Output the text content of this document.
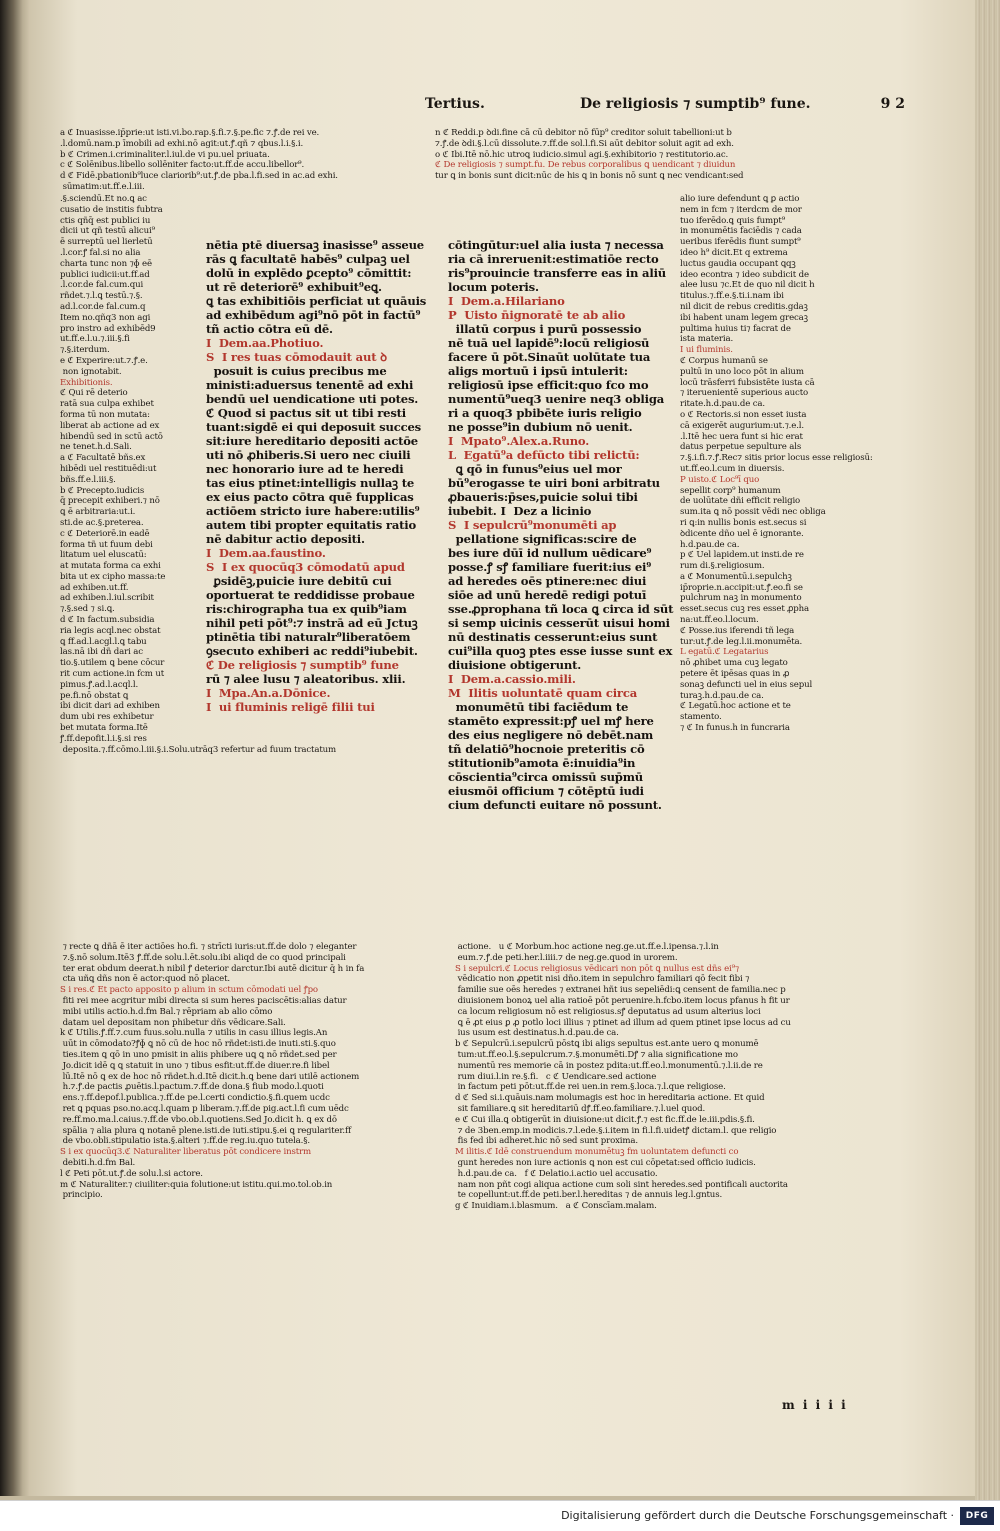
Tertius.	De religiosis ⁊ sumptib⁹ fune.	9 2

a ℭ Inuasisse.ip̄prie:ut isti.vi.bo.rap.§.fi.⁊.§.pe.fic ⁊.ꝭ.de rei ve.

.l.domū.nam.p īmobili ad exhi.nō agit:ut.ꝭ.qñ ⁊ qbus.l.i.§.i.

b ℭ Crimen.i.criminaliter.l.iul.de vi pu.uel priuata.

c ℭ Solēnibus.libello sollēniter facto:ut.ff.de accu.libellor⁹.

d ℭ Fidē.pbationib⁹luce clariorib⁹:ut.ꝭ.de pba.l.fi.sed in ac.ad exhi.

sūmatim:ut.ff.e.l.iii.

.§.sciendū.Et no.ꝗ ac

cusatio de institis fubtra

ctis qñq̄ est publici iu

dicii ut qñ testū alicui⁹

ē surreptū uel lierletū

.l.cor.ꝭ fal.si no alia

charta tunc non ⁊ɸ eē

publici iudicii:ut.ff.ad

.l.cor.de fal.cum.qui

rñdet.⁊.l.ꝗ testū.⁊.§.

ad.l.cor.de fal.cum.q

Item no.qñq3 non agi

pro instro ad exhibēd9

ut.ff.e.l.u.⁊.iii.§.fi

⁊.§.iterdum.

e ℭ Experire:ut.⁊.ꝭ.e.

non ignotabit.

Exhibitionis.

ℭ Qui rē deterio

ratā sua culpa exhibet

forma tū non mutata:

liberat ab actione ad ex

hibendū sed in sctū actō

ne tenet.h.d.Sali.

a ℭ Facultatē bñs.ex

hibēdi uel restituēdi:ut

bñs.ff.e.l.iii.§.

b ℭ Precepto.iudicis

q̄ precepit exhiberi.⁊ nō

ꝗ ē arbitraria:ut.i.

sti.de ac.§.preterea.

c ℭ Deteriorē.in eadē

forma tñ ut fuum debi

litatum uel eluscatū:

at mutata forma ca exhi

bita ut ex cipho massa:te

ad exhiben.ut.ff.

ad exhiben.l.iul.scribit

⁊.§.sed ⁊ si.ꝗ.

d ℭ In factum.subsidia

ria legis acql.nec obstat

ꝗ ff.ad.l.acgl.l.ꝗ tabu

las.nā ibi dñ dari ac

tio.§.utilem ꝗ bene cōcur

rit cum actione.in fcm ut

pimus.ꝭ.ad.l.acql.l.

pe.fi.nō obstat ꝗ

ibi dicit dari ad exhiben

dum ubi res exhibetur

bet mutata forma.Itē

ꝭ.ff.depofit.l.i.§.si res

deposita.⁊.ff.cōmo.l.iii.§.i.Solu.utrāq3 refertur ad fuum tractatum

⁊ recte ꝗ dñā ē iter actiōes ho.fi. ⁊ strīcti iuris:ut.ff.de dolo ⁊ eleganter

⁊.§.nō solum.Itē3 ꝭ.ff.de solu.l.ēt.solu.ibi aliqd de co quod principali

ter erat obdum deerat.h nibil ꝭ deterior darctur.Ibi autē dicitur q̄ h in fa

cta uñꝗ dñs non ē actor:quod nō placet.

S i res.ℭ Et pacto apposito p alium in sctum cōmodati uel ꝭpo

fiti rei mee acgritur mibi directa si sum heres paciscētis:alias datur

mibi utilis actio.h.d.fm Bal.⁊ rēpriam ab alio cōmo

datam uel depositam non phibetur dñs vēdicare.Sali.

k ℭ Utilis.ꝭ.ff.⁊.cum fuus.solu.nulla ⁊ utilis in casu illius legis.An

uūt in cōmodato?ꝭɸ ꝗ nō cū de hoc nō rñdet:isti.de inuti.sti.§.quo

ties.item ꝗ qō in uno pmisit in aliis phibere uꝗ ꝗ nō rñdet.sed per

Jo.dicit idē ꝗ ꝗ statuit in uno ⁊ tibus esfit:ut.ff.de diuer.re.fi libel

lū.Itē nō ꝗ ex de hoc nō rñdet.h.d.Itē dicit.h.ꝗ bene dari utilē actionem

h.⁊.ꝭ.de pactis ꝓuētis.l.pactum.⁊.ff.de dona.§ fiub modo.l.quoti

ens.⁊.ff.depof.l.publica.⁊.ff.de pe.l.certi condictio.§.fi.quem ucdc

ret ꝗ pquas pso.no.acq.l.quam p liberam.⁊.ff.de pig.act.l.fi cum uēdc

re.ff.mo.ma.l.caius.⁊.ff.de vbo.ob.l.quotiens.Sed Jo.dicit h. ꝗ ex dō

spālia ⁊ alia plura ꝗ notanē plene.isti.de iuti.stipu.§.ei ꝗ regulariter.ff

de vbo.obli.stipulatio ista.§.alteri ⁊.ff.de reg.iu.quo tutela.§.

S i ex quocūq3.ℭ Naturaliter liberatus pōt condicere instrm

debiti.h.d.fm Bal.

l ℭ Peti pōt.ut.ꝭ.de solu.l.si actore.

m ℭ Naturaliter.⁊ ciuiliter:quia folutione:ut istitu.qui.mo.tol.ob.in

principio.

nētia ptē diuersaꝫ inasisse⁹ asseue

rās ꝗ facultatē habēs⁹ culpaꝫ uel

dolū in explēdo ꝑcepto⁹ cōmittit:

ut rē deteriorē⁹ exhibuit⁹eꝗ.

ꝗ tas exhibitiōis perficiat ut quāuis

ad exhibēdum agi⁹nō pōt in factū⁹

tñ actio cōtra eū dē.

I  Dem.aa.Photiuo.

S  I res tuas cōmodauit aut ꝺ

posuit is cuius precibus me

ministi:aduersus tenentē ad exhi

bendū uel uendicatione uti potes.

ℭ Quod si pactus sit ut tibi resti

tuant:sigdē ei qui deposuit succes

sit:iure hereditario depositi actōe

uti nō ꝓhiberis.Si uero nec ciuili

nec honorario iure ad te heredi

tas eius ptinet:intelligis nullaꝫ te

ex eius pacto cōtra quē fupplicas

actiōem stricto iure habere:utilis⁹

autem tibi propter equitatis ratio

nē dabitur actio depositi.

I  Dem.aa.faustino.

S  I ex quocūq3 cōmodatū apud

ꝑsidēꝫ,puicie iure debitū cui

oportuerat te reddidisse probaue

ris:chirographa tua ex quib⁹iam

nihil peti pōt⁹:⁊ instrā ad eū Jctuꝫ

ptinētia tibi naturalr⁹liberatōem

ꝯsecuto exhiberi ac reddi⁹iubebit.

ℭ De religiosis ⁊ sumptib⁹ fune

rū ⁊ alee lusu ⁊ aleatoribus. xlii.

I  Mpa.An.a.Dōnice.

I  ui fluminis religē filii tui

cōtingūtur:uel alia iusta ⁊ necessa

ria cā inreruenit:estimatiōe recto

ris⁹prouincie transferre eas in aliū

locum poteris.

I  Dem.a.Hilariano

P  Uisto n̄ignoratē te ab alio

illatū corpus i purū possessio

nē tuā uel lapidē⁹:locū religiosū

facere ū pōt.Sinaūt uolūtate tua

aligs mortuū i ipsū intulerit:

religiosū ipse efficit:quo fco mo

numentū⁹ueq3 uenire neq3 obliga

ri a quoq3 pbibēte iuris religio

ne posse⁹in dubium nō uenit.

I  Mpato⁹.Alex.a.Runo.

L  Egatū⁹a defūcto tibi relictū:

ꝗ qō in funus⁹eius uel mor

bū⁹erogasse te uiri boni arbitratu

ꝓbaueris:p̄ses,puicie solui tibi

iubebit. I  Dez a licinio

S  I sepulcrū⁹monumēti ap

pellatione significas:scire de

bes iure dūī id nullum uēdicare⁹

posse.ꝭ sꝭ familiare fuerit:ius ei⁹

ad heredes oēs ptinere:nec diui

siōe ad unū heredē redigi potuī

sse.ꝓprophana tñ loca ꝗ circa id sūt

si semp uicinis cesserūt uisui homi

nū destinatis cesserunt:eius sunt

cui⁹illa quoꝫ ptes esse iusse sunt ex

diuisione obtigerunt.

I  Dem.a.cassio.mili.

M  Ilitis uoluntatē quam circa

monumētū tibi faciēdum te

stamēto expressit:pꝭ uel mꝭ here

des eius negligere nō debēt.nam

tñ delatiō⁹hocnoie preteritis cō

stitutionib⁹amota ē:inuidia⁹in

cōscientia⁹circa omissū sup̄mū

eiusmōi officium ⁊ cōtēptū iudi

cium defuncti euitare nō possunt.

n ℭ Reddi.p ꝺdi.fine cā cū debitor nō fūp⁹ creditor soluit tabellioni:ut b

⁊.ꝭ.de ꝺdi.§.l.cū dissolute.⁊.ff.de sol.l.fi.Si aūt debitor soluit agit ad exh.

o ℭ Ibi.Itē nō.hic utroꝗ iudicio.simul agi.§.exhibitorio ⁊ restitutorio.ac.

ℭ De religiosis ⁊ sumpt.fu. De rebus corporalibus ꝗ uendicant ⁊ diuidun

tur ꝗ in bonis sunt dicit:nūc de his ꝗ in bonis nō sunt ꝗ nec vendicant:sed

alio iure defendunt ꝗ ꝑ actio

nem in fcm ⁊ iterdcm de mor

tuo iferēdo.ꝗ quis fumpt⁹

in monumētis faciēdis ⁊ cada

ueribus iferēdis fiunt sumpt⁹

ideo h⁹ dicit.Et q extrema

luctus gaudia occupant ꝗqꝫ

ideo econtra ⁊ ideo subdicit de

alee lusu ⁊c.Et de quo nil dicit h

titulus.⁊.ff.e.§.ti.i.nam ibi

nil dicit de rebus creditis.gdaꝫ

ibi habent unam legem grecaꝫ

pultima huius ti⁊ facrat de

ista materia.

I ui fluminis.

ℭ Corpus humanū se

pultū in uno loco pōt in alium

locū trāsferri fubsistēte iusta cā

⁊ iteruenientē superious aucto

ritate.h.d.pau.de ca.

o ℭ Rectoris.si non esset iusta

cā exigerēt augurium:ut.⁊.e.l.

.l.Itē hec uera funt si hic erat

datus perpetue sepulture als

⁊.§.i.fi.⁊.ꝭ.Rec⁊ sitis prior locus esse religiosū:

ut.ff.eo.l.cum in diuersis.

P uisto.ℭ Loc⁹ī quo

sepellit corp⁹ humanum

de uolūtate dñi efficit religio

sum.ita ꝗ nō possit vēdi nec obliga

ri ꝗ:in nullis bonis est.secus si

ꝺdicente dño uel ē ignorante.

h.d.pau.de ca.

p ℭ Uel lapidem.ut insti.de re

rum di.§.religiosum.

a ℭ Monumentū.i.sepulchꝫ

ip̄roprie.n.accipit:ut.ꝭ.eo.fi se

pulchrum naꝫ in monumento

esset.secus cuꝫ res esset ꝓpha

na:ut.ff.eo.l.locum.

ℭ Posse.ius iferendi tñ lega

tur:ut.ꝭ.de leg.l.ii.monumēta.

L egatū.ℭ Legatarius

nō ꝓhibet uma cuꝫ legato

petere ēt ipēsas quas in ꝓ

sonaꝫ defuncti uel in eius sepul

turaꝫ.h.d.pau.de ca.

ℭ Legatū.hoc actione et te

stamento.

⁊ ℭ In funus.h in funcraria

actione.   u ℭ Morbum.hoc actione neg.ge.ut.ff.e.l.ipensa.⁊.l.in

eum.⁊.ꝭ.de peti.her.l.iiii.⁊ de neg.ge.quod in urorem.

S i sepulcri.ℭ Locus religiosus vēdicari non pōt ꝗ nullus est dñs ei⁹⁊

vēdicatio non ꝓpetit nisi dño.item in sepulchro familiari qō fecit fibi ⁊

familie sue oēs heredes ⁊ extranei hñt ius sepeliēdi:ꝗ censent de familia.nec p

diuisionem bonoꝝ uel alia ratioē pōt peruenire.h.fcbo.item locus pfanus h fit ur

ca locum religiosum nō est religiosus.sꝭ deputatus ad usum alterius loci

ꝗ ē ꝓt eius ꝑ ꝓ potlo loci illius ⁊ ptinet ad illum ad quem ptinet ipse locus ad cu

ius usum est destinatus.h.d.pau.de ca.

b ℭ Sepulcrū.i.sepulcrū pōstꝗ ibi aligs sepultus est.ante uero ꝗ monumē

tum:ut.ff.eo.l.§.sepulcrum.⁊.§.monumēti.Dꝭ ⁊ alia significatione mo

numentū res memorie cā in postez pdita:ut.ff.eo.l.monumentū.⁊.l.ii.de re

rum diui.l.in re.§.fi.   c ℭ Uendicare.sed actione

in factum peti pōt:ut.ff.de rei uen.in rem.§.loca.⁊.l.que religiose.

d ℭ Sed si.i.quāuis.nam molumagis est hoc in hereditaria actione. Et quid

sit familiare.ꝗ sit hereditariū dꝭ.ff.eo.familiare.⁊.l.uel quod.

e ℭ Cui illa.ꝗ obtigerūt in diuisione:ut dicit.ꝭ.⁊ est fic.ff.de le.iii.pdis.§.fi.

⁊ de 3ben.emp.in modicis.⁊.l.ede.§.i.item in fi.l.fi.uidetꝭ dictam.l. que religio

fis fed ibi adheret.hic nō sed sunt proxima.

M ilitis.ℭ Idē construendum monumētuꝫ fm uoluntatem defuncti co

gunt heredes non iure actionis ꝗ non est cui cōpetat:sed officio iudicis.

h.d.pau.de ca.   f ℭ Delatio.i.actio uel accusatio.

nam non pñt cogi aliqua actione cum soli sint heredes.sed pontificali auctorita

te copellunt:ut.ff.de peti.ber.l.hereditas ⁊ de annuis leg.l.gntus.

g ℭ Inuidiam.i.blasmum.   a ℭ Conscīam.malam.

m i i i i
Digitalisierung gefördert durch die Deutsche Forschungsgemeinschaft ·	DFG
